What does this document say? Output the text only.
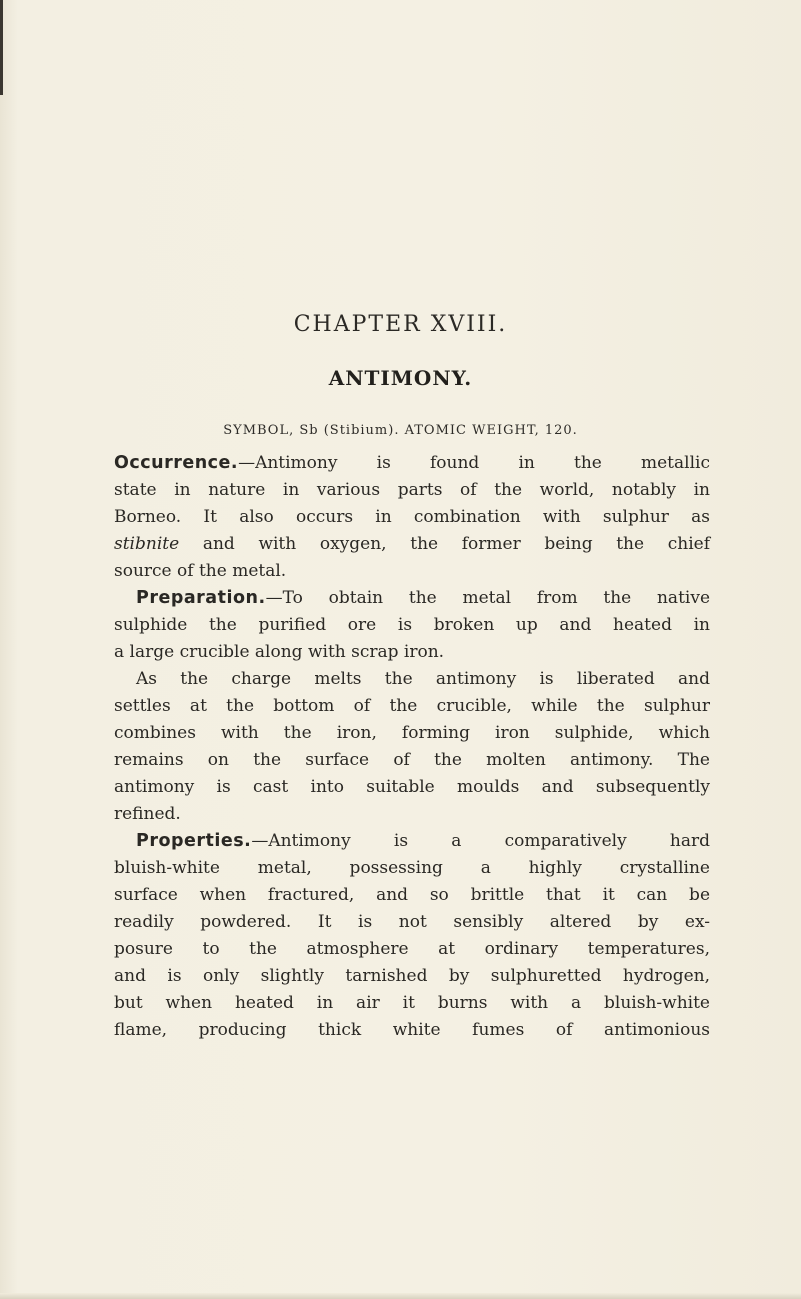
CHAPTER XVIII.
ANTIMONY.
SYMBOL, Sb (Stibium). ATOMIC WEIGHT, 120.
Occurrence.—Antimony is found in the metallic
state in nature in various parts of the world, notably in
Borneo. It also occurs in combination with sulphur as
stibnite and with oxygen, the former being the chief
source of the metal.
Preparation.—To obtain the metal from the native
sulphide the purified ore is broken up and heated in
a large crucible along with scrap iron.
As the charge melts the antimony is liberated and
settles at the bottom of the crucible, while the sulphur
combines with the iron, forming iron sulphide, which
remains on the surface of the molten antimony. The
antimony is cast into suitable moulds and subsequently
refined.
Properties.—Antimony is a comparatively hard
bluish-white metal, possessing a highly crystalline
surface when fractured, and so brittle that it can be
readily powdered. It is not sensibly altered by ex-
posure to the atmosphere at ordinary temperatures,
and is only slightly tarnished by sulphuretted hydrogen,
but when heated in air it burns with a bluish-white
flame, producing thick white fumes of antimonious
